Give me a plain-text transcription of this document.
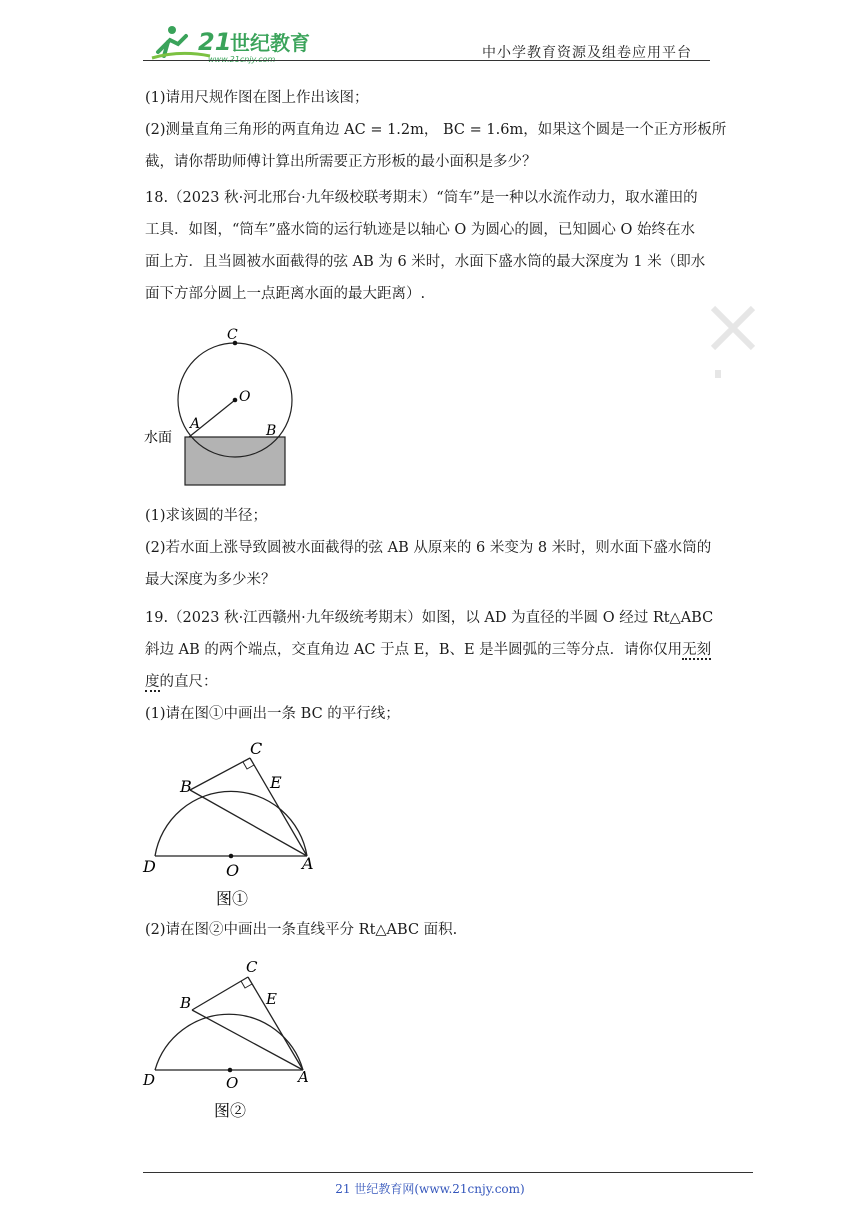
21
世纪教育
www.21cnjy.com	中小学教育资源及组卷应用平台
(1)请用尺规作图在图上作出该图；
(2)测量直角三角形的两直角边 AC = 1.2m， BC = 1.6m，如果这个圆是一个正方形板所
截，请你帮助师傅计算出所需要正方形板的最小面积是多少？
18.（2023 秋·河北邢台·九年级校联考期末）“筒车”是一种以水流作动力，取水灌田的
工具．如图，“筒车”盛水筒的运行轨迹是以轴心 O 为圆心的圆，已知圆心 O 始终在水
面上方．且当圆被水面截得的弦 AB 为 6 米时，水面下盛水筒的最大深度为 1 米（即水
面下方部分圆上一点距离水面的最大距离）.
C
O
A	B
水面
(1)求该圆的半径；
(2)若水面上涨导致圆被水面截得的弦 AB 从原来的 6 米变为 8 米时，则水面下盛水筒的
最大深度为多少米？
19.（2023 秋·江西赣州·九年级统考期末）如图，以 AD 为直径的半圆 O 经过 Rt△ABC
斜边 AB 的两个端点，交直角边 AC 于点 E，B、E 是半圆弧的三等分点．请你仅用无刻
度的直尺：
(1)请在图①中画出一条 BC 的平行线；
C
B	E
D	O	A
图①
(2)请在图②中画出一条直线平分 Rt△ABC 面积.
C
B	E
D	O	A
图②
21 世纪教育网(www.21cnjy.com)
